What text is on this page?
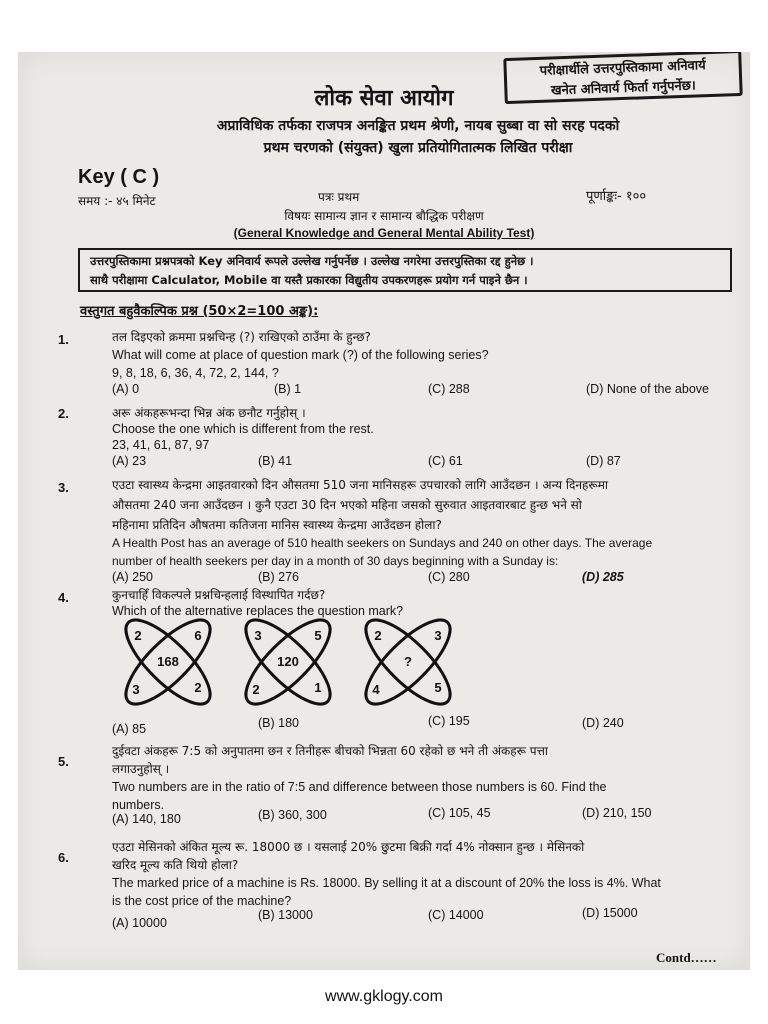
परीक्षार्थीले उत्तरपुस्तिकामा अनिवार्य
खनेत अनिवार्य फिर्ता गर्नुपर्नेछ।
लोक सेवा आयोग
अप्राविधिक तर्फका राजपत्र अनङ्कित प्रथम श्रेणी, नायब सुब्बा वा सो सरह पदको
प्रथम चरणको (संयुक्त) खुला प्रतियोगितात्मक लिखित परीक्षा
Key ( C )
समय :- ४५ मिनेट	पत्रः प्रथम	पूर्णाङ्कः- १००
विषयः सामान्य ज्ञान र सामान्य बौद्धिक परीक्षण
(General Knowledge and General Mental Ability Test)
उत्तरपुस्तिकामा प्रश्नपत्रको Key अनिवार्य रूपले उल्लेख गर्नुपर्नेछ । उल्लेख नगरेमा उत्तरपुस्तिका रद्द हुनेछ ।
साथै परीक्षामा Calculator, Mobile वा यस्तै प्रकारका विद्युतीय उपकरणहरू प्रयोग गर्न पाइने छैन ।
वस्तुगत बहुवैकल्पिक प्रश्न (50×2=100 अङ्क):
1.	तल दिइएको क्रममा प्रश्नचिन्ह (?) राखिएको ठाउँमा के हुन्छ?
What will come at place of question mark (?) of the following series?
9, 8, 18, 6, 36, 4, 72, 2, 144, ?
(A) 0	(B) 1	(C) 288	(D) None of the above
2.	अरू अंकहरूभन्दा भिन्न अंक छनौट गर्नुहोस् ।
Choose the one which is different from the rest.
23, 41, 61, 87, 97
(A) 23	(B) 41	(C) 61	(D) 87
3.	एउटा स्वास्थ्य केन्द्रमा आइतवारको दिन औसतमा 510 जना मानिसहरू उपचारको लागि आउँदछन । अन्य दिनहरूमा
औसतमा 240 जना आउँदछन । कुनै एउटा 30 दिन भएको महिना जसको सुरुवात आइतवारबाट हुन्छ भने सो
महिनामा प्रतिदिन औषतमा कतिजना मानिस स्वास्थ्य केन्द्रमा आउँदछन होला?
A Health Post has an average of 510 health seekers on Sundays and 240 on other days. The average
number of health seekers per day in a month of 30 days beginning with a Sunday is:
(A) 250	(B) 276	(C) 280	(D) 285
4.	कुनचाहिँ विकल्पले प्रश्नचिन्हलाई विस्थापित गर्दछ?
Which of the alternative replaces the question mark?
2	6
168
3	2
3	5
120
2	1
2	3
?
4	5
(A) 85	(B) 180	(C) 195	(D) 240
5.
दुईवटा अंकहरू 7:5 को अनुपातमा छन र तिनीहरू बीचको भिन्नता 60 रहेको छ भने ती अंकहरू पत्ता
लगाउनुहोस् ।
Two numbers are in the ratio of 7:5 and difference between those numbers is 60. Find the
numbers.
(A) 140, 180	(B) 360, 300	(C) 105, 45	(D) 210, 150
6.
एउटा मेसिनको अंकित मूल्य रू. 18000 छ । यसलाई 20% छुटमा बिक्री गर्दा 4% नोक्सान हुन्छ । मेसिनको
खरिद मूल्य कति थियो होला?
The marked price of a machine is Rs. 18000. By selling it at a discount of 20% the loss is 4%. What
is the cost price of the machine?
(A) 10000
(B) 13000	(C) 14000	(D) 15000
Contd……
www.gklogy.com
